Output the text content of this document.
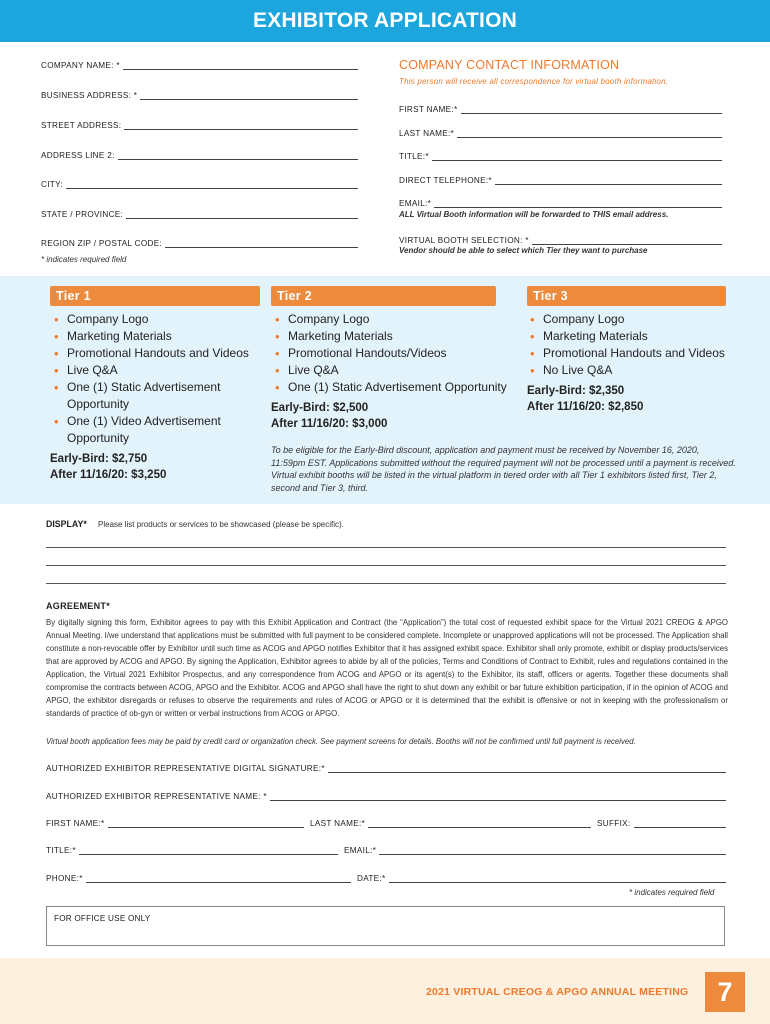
EXHIBITOR APPLICATION
COMPANY NAME: *
BUSINESS ADDRESS: *
STREET ADDRESS:
ADDRESS LINE 2:
CITY:
STATE / PROVINCE:
REGION ZIP / POSTAL CODE:
* indicates required field
COMPANY CONTACT INFORMATION
This person will receive all correspondence for virtual booth information.
FIRST NAME:*
LAST NAME:*
TITLE:*
DIRECT TELEPHONE:*
EMAIL:*
ALL Virtual Booth information will be forwarded to THIS email address.
VIRTUAL BOOTH SELECTION: *
Vendor should be able to select which Tier they want to purchase
Tier 1
• Company Logo
• Marketing Materials
• Promotional Handouts and Videos
• Live Q&A
• One (1) Static Advertisement Opportunity
• One (1) Video Advertisement Opportunity
Early-Bird: $2,750
After 11/16/20: $3,250
Tier 2
• Company Logo
• Marketing Materials
• Promotional Handouts/Videos
• Live Q&A
• One (1) Static Advertisement Opportunity
Early-Bird: $2,500
After 11/16/20: $3,000
Tier 3
• Company Logo
• Marketing Materials
• Promotional Handouts and Videos
• No Live Q&A
Early-Bird: $2,350
After 11/16/20: $2,850
To be eligible for the Early-Bird discount, application and payment must be received by November 16, 2020, 11:59pm EST. Applications submitted without the required payment will not be processed until a payment is received. Virtual exhibit booths will be listed in the virtual platform in tiered order with all Tier 1 exhibitors listed first, Tier 2, second and Tier 3, third.
DISPLAY* Please list products or services to be showcased (please be specific).
AGREEMENT*
By digitally signing this form, Exhibitor agrees to pay with this Exhibit Application and Contract (the “Application”) the total cost of requested exhibit space for the Virtual 2021 CREOG & APGO Annual Meeting. I/we understand that applications must be submitted with full payment to be considered complete. Incomplete or unapproved applications will not be processed. The Application shall constitute a non-revocable offer by Exhibitor until such time as ACOG and APGO notifies Exhibitor that it has assigned exhibit space. Exhibitor shall only promote, exhibit or display products/services that are approved by ACOG and APGO. By signing the Application, Exhibitor agrees to abide by all of the policies, Terms and Conditions of Contract to Exhibit, rules and regulations contained in the Application, the Virtual 2021 Exhibitor Prospectus, and any correspondence from ACOG and APGO or its agent(s) to the Exhibitor, its staff, officers or agents. Together these documents shall compromise the contracts between ACOG, APGO and the Exhibitor. ACOG and APGO shall have the right to shut down any exhibit or bar future exhibition participation, if in the opinion of ACOG and APGO, the exhibitor disregards or refuses to observe the requirements and rules of ACOG or APGO or it is determined that the exhibit is offensive or not in keeping with the professionalism or standards of practice of ob-gyn or written or verbal instructions from ACOG or APGO.
Virtual booth application fees may be paid by credit card or organization check. See payment screens for details. Booths will not be confirmed until full payment is received.
AUTHORIZED EXHIBITOR REPRESENTATIVE DIGITAL SIGNATURE:*
AUTHORIZED EXHIBITOR REPRESENTATIVE NAME: *
FIRST NAME:*	LAST NAME:*	SUFFIX:
TITLE:*	EMAIL:*
PHONE:*	DATE:*
* indicates required field
FOR OFFICE USE ONLY
2021 VIRTUAL CREOG & APGO ANNUAL MEETING	7
